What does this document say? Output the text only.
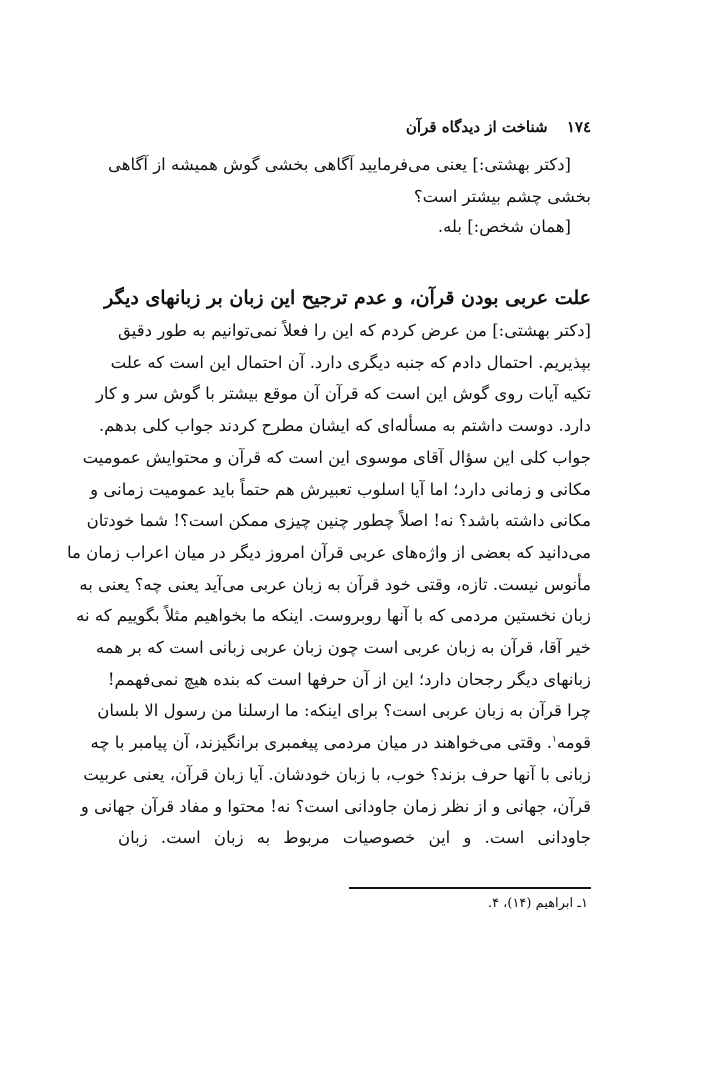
١٧٤ شناخت از دیدگاه قرآن
[دکتر بهشتی:] یعنی می‌فرمایید آگاهی بخشی گوش همیشه از آگاهی
بخشی چشم بیشتر است؟
[همان شخص:] بله.
علت عربی بودن قرآن، و عدم ترجیح این زبان بر زبانهای دیگر
[دکتر بهشتی:] من عرض کردم که این را فعلاً نمی‌توانیم به طور دقیق
بپذیریم. احتمال دادم که جنبه دیگری دارد. آن احتمال این است که علت
تکیه آیات روی گوش این است که قرآن آن موقع بیشتر با گوش سر و کار
دارد. دوست داشتم به مسأله‌ای که ایشان مطرح کردند جواب کلی بدهم.
جواب کلی این سؤال آقای موسوی این است که قرآن و محتوایش عمومیت
مکانی و زمانی دارد؛ اما آیا اسلوب تعبیرش هم حتماً باید عمومیت زمانی و
مکانی داشته باشد؟ نه! اصلاً چطور چنین چیزی ممکن است؟! شما خودتان
می‌دانید که بعضی از واژه‌های عربی قرآن امروز دیگر در میان اعراب زمان ما
مأنوس نیست. تازه، وقتی خود قرآن به زبان عربی می‌آید یعنی چه؟ یعنی به
زبان نخستین مردمی که با آنها روبروست. اینکه ما بخواهیم مثلاً بگوییم که نه
خیر آقا، قرآن به زبان عربی است چون زبان عربی زبانی است که بر همه
زبانهای دیگر رجحان دارد؛ این از آن حرفها است که بنده هیچ نمی‌فهمم!
چرا قرآن به زبان عربی است؟ برای اینکه: ما ارسلنا من رسول الا بلسان
قومه$^١$. وقتی می‌خواهند در میان مردمی پیغمبری برانگیزند، آن پیامبر با چه
زبانی با آنها حرف بزند؟ خوب، با زبان خودشان. آیا زبان قرآن، یعنی عربیت
قرآن، جهانی و از نظر زمان جاودانی است؟ نه! محتوا و مفاد قرآن جهانی و
جاودانی است. و این خصوصیات مربوط به زبان است. زبان
١ـ ابراهیم (١۴)، ۴.
